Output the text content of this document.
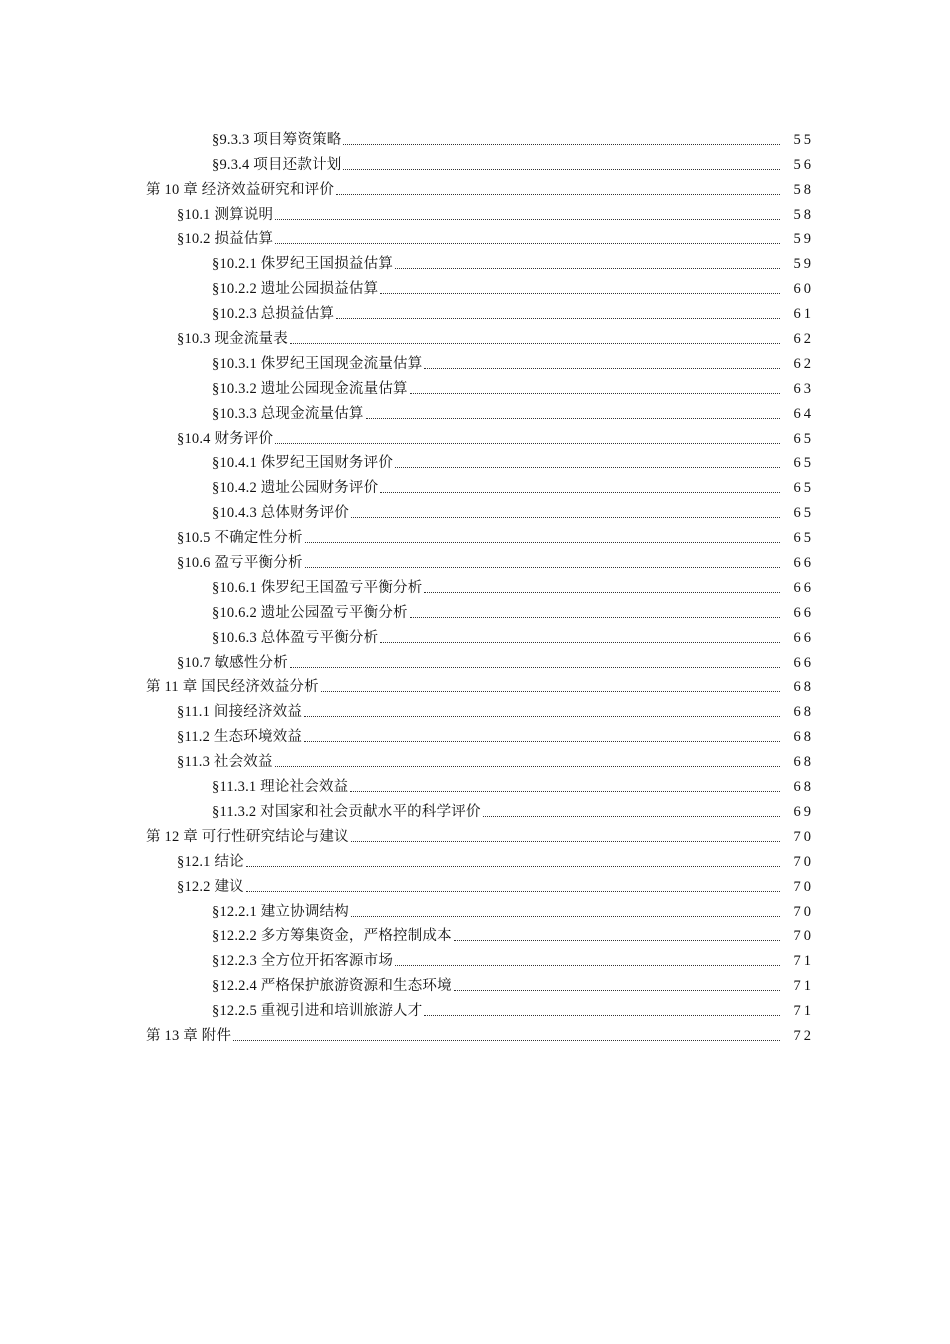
§9.3.3 项目筹资策略	55
§9.3.4 项目还款计划	56
第 10 章 经济效益研究和评价	58
§10.1 测算说明	58
§10.2 损益估算	59
§10.2.1 侏罗纪王国损益估算	59
§10.2.2 遗址公园损益估算	60
§10.2.3 总损益估算	61
§10.3 现金流量表	62
§10.3.1 侏罗纪王国现金流量估算	62
§10.3.2 遗址公园现金流量估算	63
§10.3.3 总现金流量估算	64
§10.4 财务评价	65
§10.4.1 侏罗纪王国财务评价	65
§10.4.2 遗址公园财务评价	65
§10.4.3 总体财务评价	65
§10.5 不确定性分析	65
§10.6 盈亏平衡分析	66
§10.6.1 侏罗纪王国盈亏平衡分析	66
§10.6.2 遗址公园盈亏平衡分析	66
§10.6.3 总体盈亏平衡分析	66
§10.7 敏感性分析	66
第 11 章 国民经济效益分析	68
§11.1 间接经济效益	68
§11.2 生态环境效益	68
§11.3 社会效益	68
§11.3.1 理论社会效益	68
§11.3.2 对国家和社会贡献水平的科学评价	69
第 12 章 可行性研究结论与建议	70
§12.1 结论	70
§12.2 建议	70
§12.2.1 建立协调结构	70
§12.2.2 多方筹集资金，严格控制成本	70
§12.2.3 全方位开拓客源市场	71
§12.2.4 严格保护旅游资源和生态环境	71
§12.2.5 重视引进和培训旅游人才	71
第 13 章 附件	72
